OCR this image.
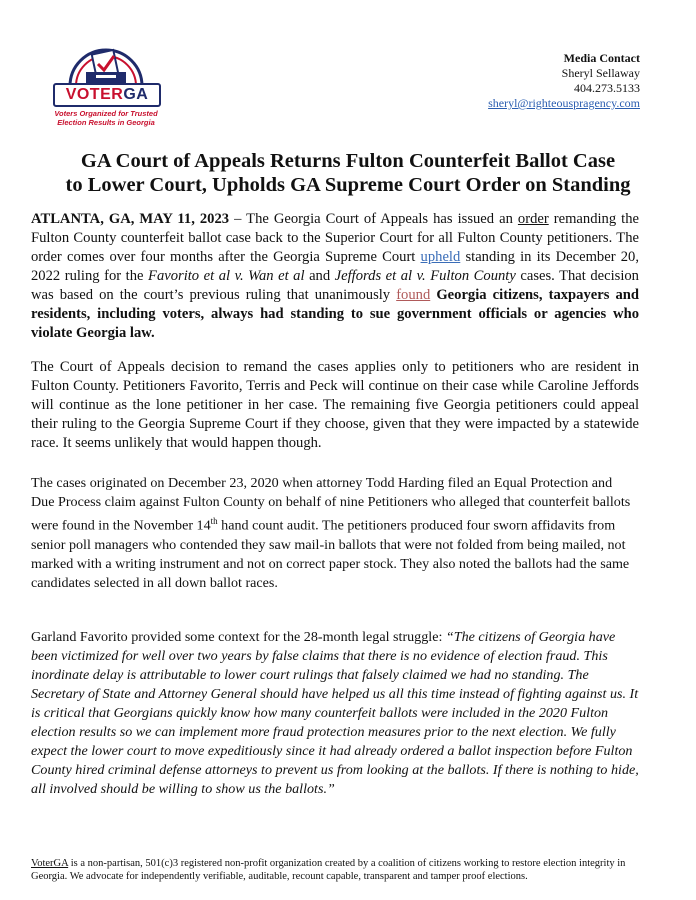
VOTERGA
Voters Organized for Trusted
Election Results in Georgia
Media Contact
Sheryl Sellaway
404.273.5133
sheryl@righteouspragency.com
GA Court of Appeals Returns Fulton Counterfeit Ballot Case
to Lower Court, Upholds GA Supreme Court Order on Standing

ATLANTA, GA, MAY 11, 2023 – The Georgia Court of Appeals has issued an order remanding the Fulton County counterfeit ballot case back to the Superior Court for all Fulton County petitioners. The order comes over four months after the Georgia Supreme Court upheld standing in its December 20, 2022 ruling for the Favorito et al v. Wan et al and Jeffords et al v. Fulton County cases. That decision was based on the court’s previous ruling that unanimously found Georgia citizens, taxpayers and residents, including voters, always had standing to sue government officials or agencies who violate Georgia law.

The Court of Appeals decision to remand the cases applies only to petitioners who are resident in Fulton County. Petitioners Favorito, Terris and Peck will continue on their case while Caroline Jeffords will continue as the lone petitioner in her case. The remaining five Georgia petitioners could appeal their ruling to the Georgia Supreme Court if they choose, given that they were impacted by a statewide race. It seems unlikely that would happen though.

The cases originated on December 23, 2020 when attorney Todd Harding filed an Equal Protection and Due Process claim against Fulton County on behalf of nine Petitioners who alleged that counterfeit ballots were found in the November 14th hand count audit. The petitioners produced four sworn affidavits from senior poll managers who contended they saw mail-in ballots that were not folded from being mailed, not marked with a writing instrument and not on correct paper stock. They also noted the ballots had the same candidates selected in all down ballot races.

Garland Favorito provided some context for the 28-month legal struggle: “The citizens of Georgia have been victimized for well over two years by false claims that there is no evidence of election fraud. This inordinate delay is attributable to lower court rulings that falsely claimed we had no standing. The Secretary of State and Attorney General should have helped us all this time instead of fighting against us. It is critical that Georgians quickly know how many counterfeit ballots were included in the 2020 Fulton election results so we can implement more fraud protection measures prior to the next election. We fully expect the lower court to move expeditiously since it had already ordered a ballot inspection before Fulton County hired criminal defense attorneys to prevent us from looking at the ballots. If there is nothing to hide, all involved should be willing to show us the ballots.”

VoterGA is a non-partisan, 501(c)3 registered non-profit organization created by a coalition of citizens working to restore election integrity in Georgia. We advocate for independently verifiable, auditable, recount capable, transparent and tamper proof elections.
